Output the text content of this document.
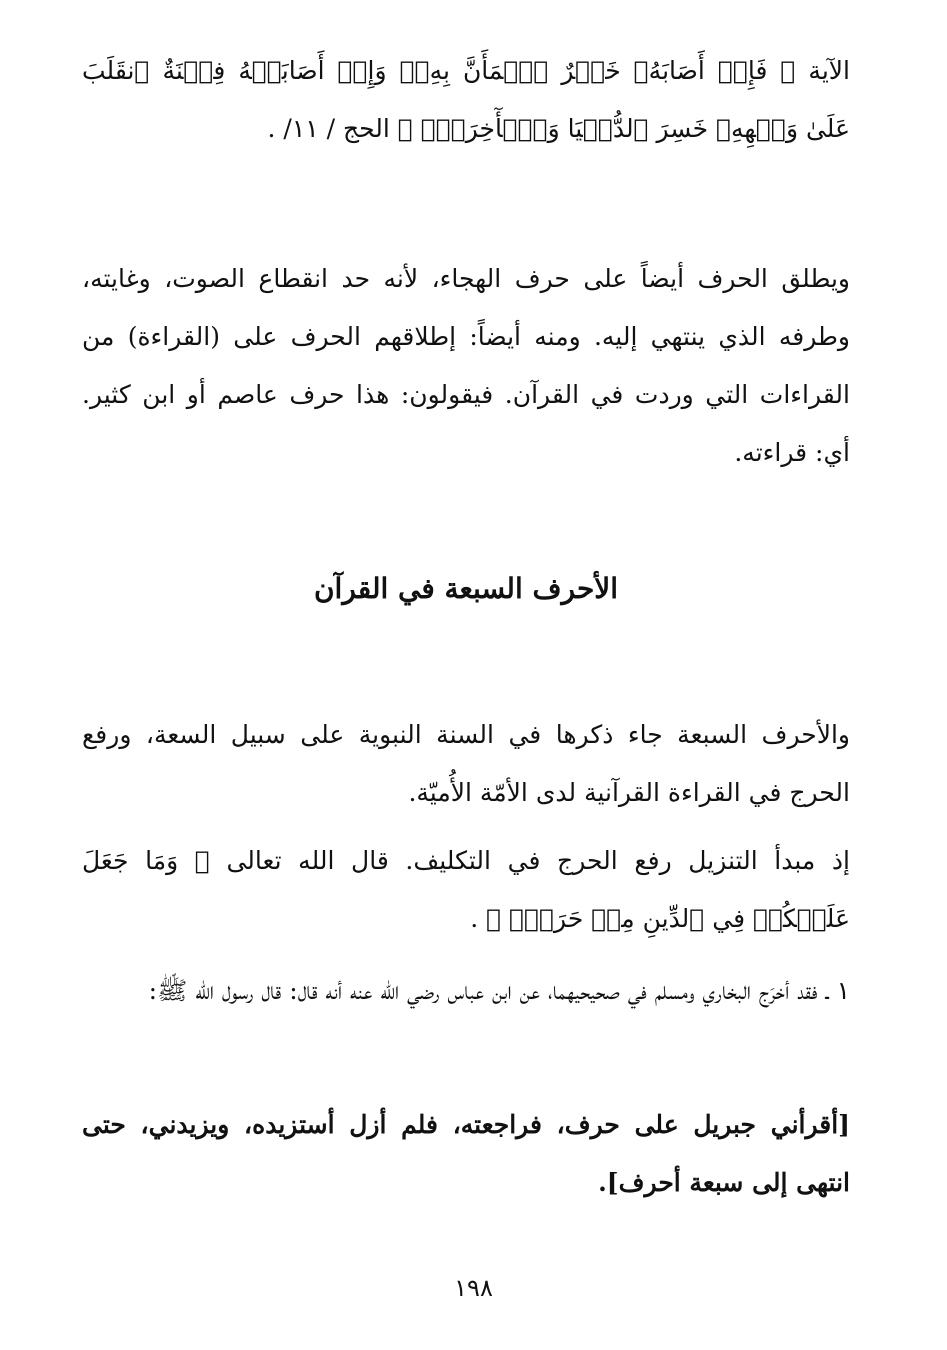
الآية ﴿ فَإِنۡ أَصَابَهُۥ خَيۡرٌ ٱطۡمَأَنَّ بِهِۦۖ وَإِنۡ أَصَابَتۡهُ فِتۡنَةٌ ٱنقَلَبَ عَلَىٰ وَجۡهِهِۦ خَسِرَ ٱلدُّنۡيَا وَٱلۡأٓخِرَةَۚ ﴾ الحج / ١١/ .

ويطلق الحرف أيضاً على حرف الهجاء، لأنه حد انقطاع الصوت، وغايته، وطرفه الذي ينتهي إليه. ومنه أيضاً: إطلاقهم الحرف على (القراءة) من القراءات التي وردت في القرآن. فيقولون: هذا حرف عاصم أو ابن كثير. أي: قراءته.

الأحرف السبعة في القرآن

والأحرف السبعة جاء ذكرها في السنة النبوية على سبيل السعة، ورفع الحرج في القراءة القرآنية لدى الأمّة الأُميّة.

إذ مبدأ التنزيل رفع الحرج في التكليف. قال الله تعالى ﴿ وَمَا جَعَلَ عَلَيۡكُمۡ فِي ٱلدِّينِ مِنۡ حَرَجٖۚ ﴾ .

١ ـ فقد أخرَج البخاري ومسلم في صحيحيهما، عن ابن عباس رضي الله عنه أنه قال: قال رسول الله ﷺ:

[أقرأني جبريل على حرف، فراجعته، فلم أزل أستزيده، ويزيدني، حتى انتهى إلى سبعة أحرف].

١٩٨
